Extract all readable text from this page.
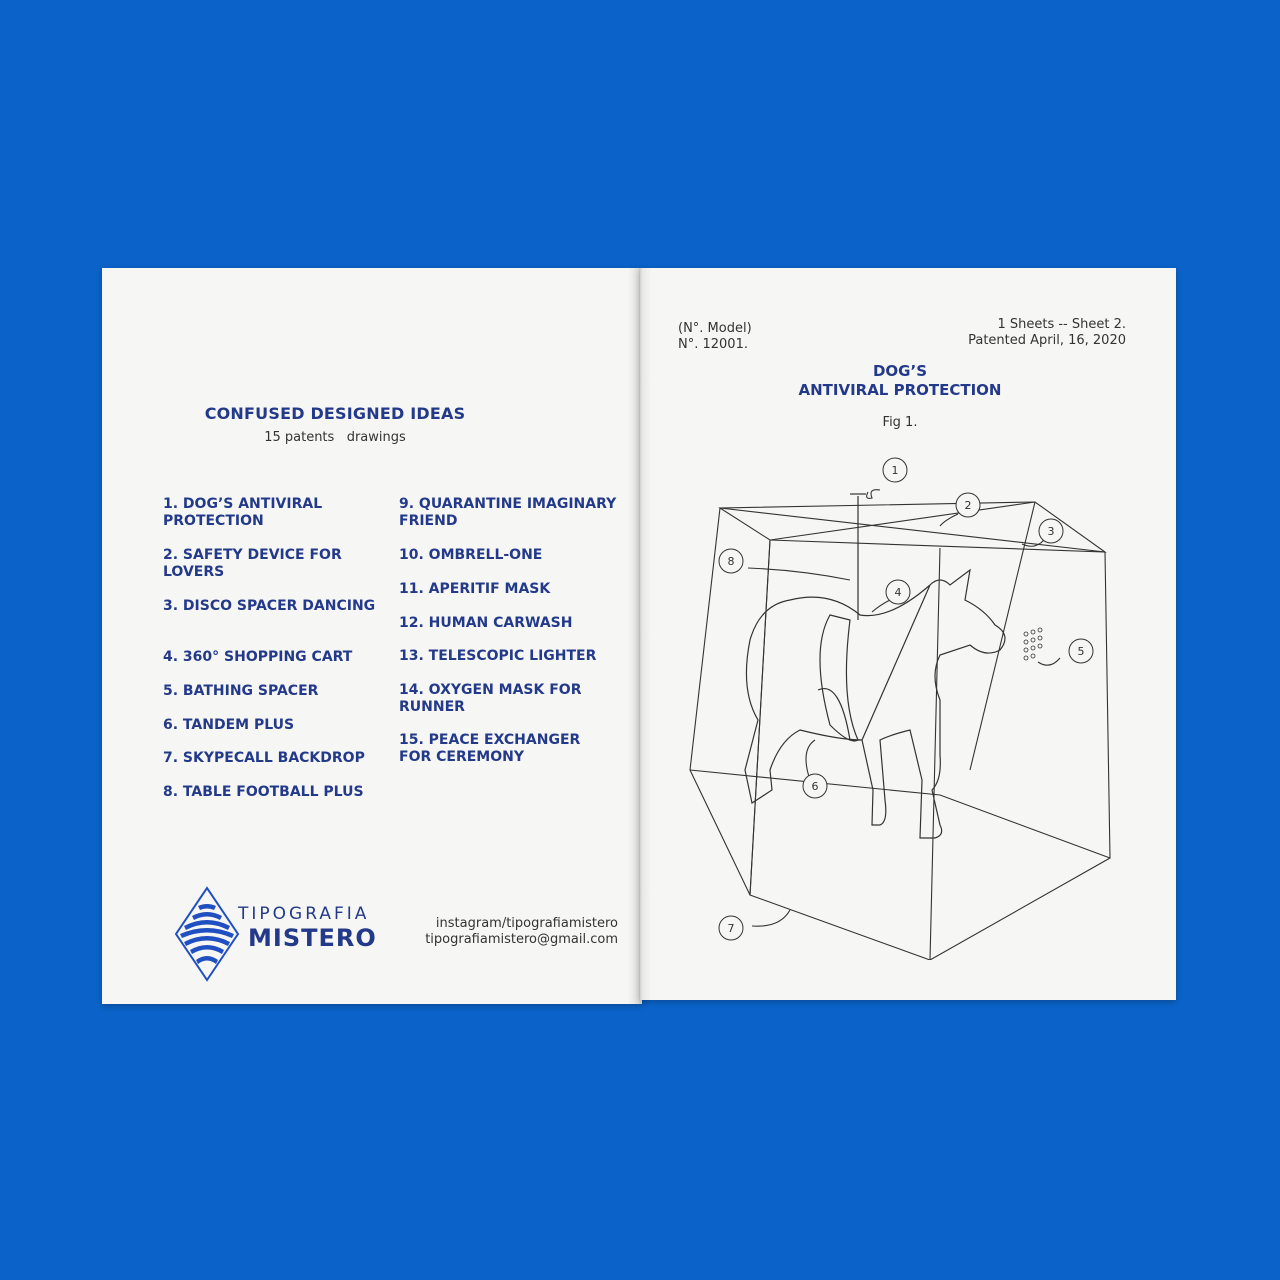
CONFUSED DESIGNED IDEAS
15 patents   drawings
1. DOG’S ANTIVIRAL PROTECTION
2. SAFETY DEVICE FOR LOVERS
3. DISCO SPACER DANCING
4. 360° SHOPPING CART
5. BATHING SPACER
6. TANDEM PLUS
7. SKYPECALL BACKDROP
8. TABLE FOOTBALL PLUS
9. QUARANTINE IMAGINARY FRIEND
10. OMBRELL-ONE
11. APERITIF MASK
12. HUMAN CARWASH
13. TELESCOPIC LIGHTER
14. OXYGEN MASK FOR RUNNER
15. PEACE EXCHANGER FOR CEREMONY
TIPOGRAFIA
MISTERO
instagram/tipografiamistero
tipografiamistero@gmail.com
(N°. Model)
N°. 12001.
1 Sheets -- Sheet 2.
Patented April, 16, 2020
DOG’S
ANTIVIRAL PROTECTION
Fig 1.
1
2
3
4
5
6
7
8
